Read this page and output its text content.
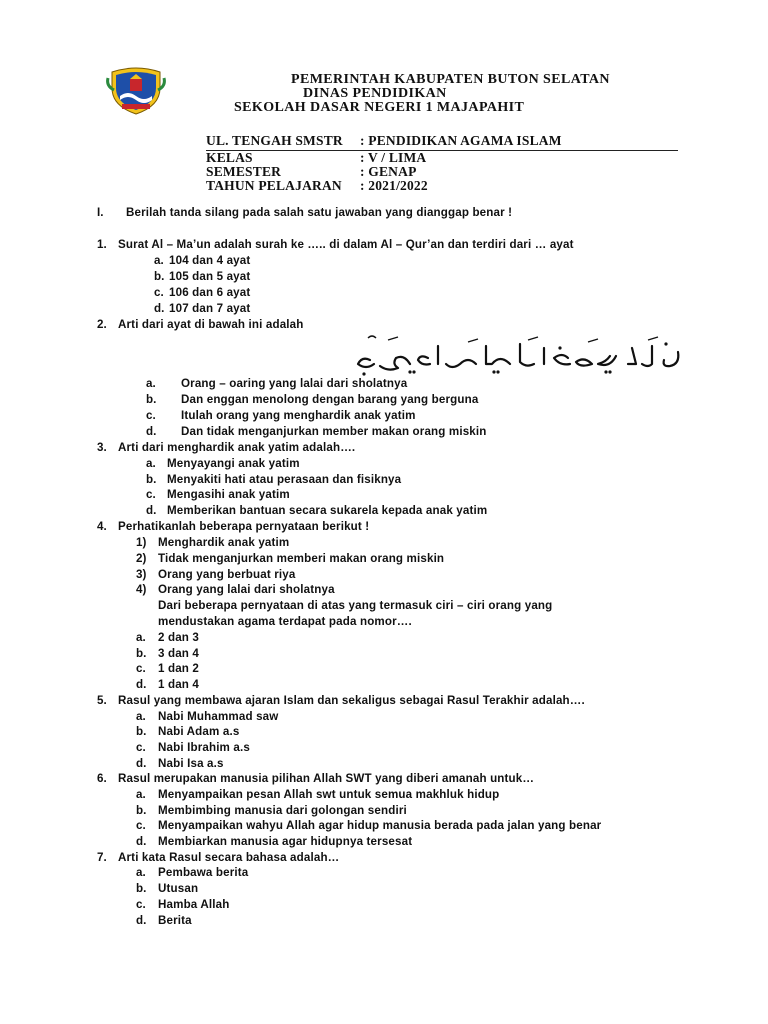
PEMERINTAH KABUPATEN BUTON SELATAN
DINAS PENDIDIKAN
SEKOLAH DASAR NEGERI 1 MAJAPAHIT
UL. TENGAH SMSTR : PENDIDIKAN AGAMA ISLAM
KELAS	: V / LIMA
SEMESTER	: GENAP
TAHUN PELAJARAN : 2021/2022
I. Berilah tanda silang pada salah satu jawaban yang dianggap benar !
1. Surat Al – Ma’un adalah surah ke ….. di dalam Al – Qur’an dan terdiri dari … ayat
a. 104 dan 4 ayat
b. 105 dan 5 ayat
c. 106 dan 6 ayat
d. 107 dan 7 ayat
2. Arti dari ayat di bawah ini adalah
a. Orang – oaring yang lalai dari sholatnya
b. Dan enggan menolong dengan barang yang berguna
c. Itulah orang yang menghardik anak yatim
d. Dan tidak menganjurkan member makan orang miskin
3. Arti dari menghardik anak yatim adalah….
a. Menyayangi anak yatim
b. Menyakiti hati atau perasaan dan fisiknya
c. Mengasihi anak yatim
d. Memberikan bantuan secara sukarela kepada anak yatim
4. Perhatikanlah beberapa pernyataan berikut !
1) Menghardik anak yatim
2) Tidak menganjurkan memberi makan orang miskin
3) Orang yang berbuat riya
4) Orang yang lalai dari sholatnya
Dari beberapa pernyataan di atas yang termasuk ciri – ciri orang yang
mendustakan agama terdapat pada nomor….
a. 2 dan 3
b. 3 dan 4
c. 1 dan 2
d. 1 dan 4
5. Rasul yang membawa ajaran Islam dan sekaligus sebagai Rasul Terakhir adalah….
a. Nabi Muhammad saw
b. Nabi Adam a.s
c. Nabi Ibrahim a.s
d. Nabi Isa a.s
6. Rasul merupakan manusia pilihan Allah SWT yang diberi amanah untuk…
a. Menyampaikan pesan Allah swt untuk semua makhluk hidup
b. Membimbing manusia dari golongan sendiri
c. Menyampaikan wahyu Allah agar hidup manusia berada pada jalan yang benar
d. Membiarkan manusia agar hidupnya tersesat
7. Arti kata Rasul secara bahasa adalah…
a. Pembawa berita
b. Utusan
c. Hamba Allah
d. Berita
